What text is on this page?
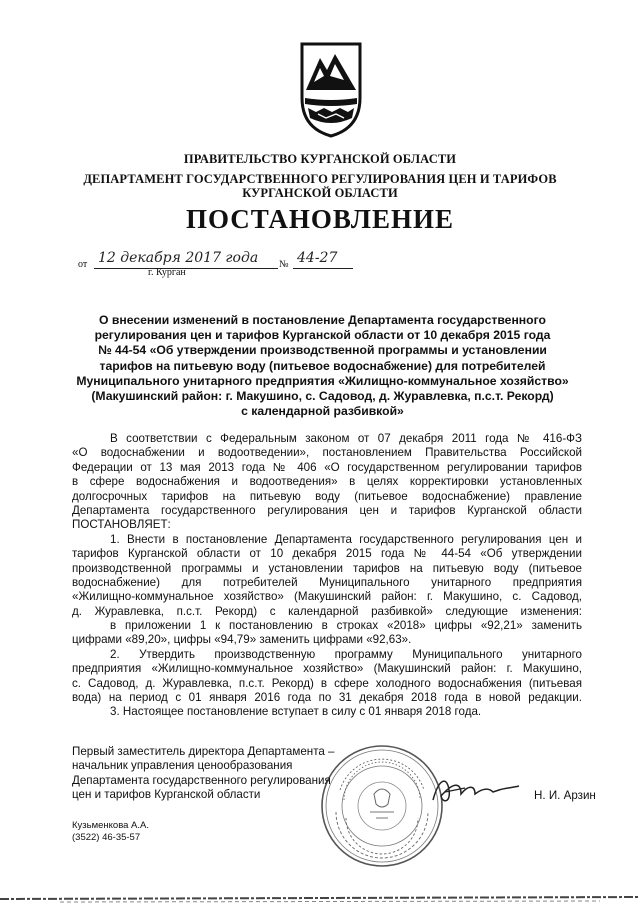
ПРАВИТЕЛЬСТВО КУРГАНСКОЙ ОБЛАСТИ
ДЕПАРТАМЕНТ ГОСУДАРСТВЕННОГО РЕГУЛИРОВАНИЯ ЦЕН И ТАРИФОВ
КУРГАНСКОЙ ОБЛАСТИ
ПОСТАНОВЛЕНИЕ
от 12 декабря 2017 года	№ 44-27
г. Курган
О внесении изменений в постановление Департамента государственного
регулирования цен и тарифов Курганской области от 10 декабря 2015 года
№ 44-54 «Об утверждении производственной программы и установлении
тарифов на питьевую воду (питьевое водоснабжение) для потребителей
Муниципального унитарного предприятия «Жилищно-коммунальное хозяйство»
(Макушинский район: г. Макушино, с. Садовод, д. Журавлевка, п.с.т. Рекорд)
с календарной разбивкой»
В соответствии с Федеральным законом от 07 декабря 2011 года № 416-ФЗ
«О водоснабжении и водоотведении», постановлением Правительства Российской
Федерации от 13 мая 2013 года № 406 «О государственном регулировании тарифов
в сфере водоснабжения и водоотведения» в целях корректировки установленных
долгосрочных тарифов на питьевую воду (питьевое водоснабжение) правление
Департамента государственного регулирования цен и тарифов Курганской области
ПОСТАНОВЛЯЕТ:
1. Внести в постановление Департамента государственного регулирования цен и
тарифов Курганской области от 10 декабря 2015 года № 44-54 «Об утверждении
производственной программы и установлении тарифов на питьевую воду (питьевое
водоснабжение) для потребителей Муниципального унитарного предприятия
«Жилищно-коммунальное хозяйство» (Макушинский район: г. Макушино, с. Садовод,
д. Журавлевка, п.с.т. Рекорд) с календарной разбивкой» следующие изменения:
в приложении 1 к постановлению в строках «2018» цифры «92,21» заменить
цифрами «89,20», цифры «94,79» заменить цифрами «92,63».
2. Утвердить производственную программу Муниципального унитарного
предприятия «Жилищно-коммунальное хозяйство» (Макушинский район: г. Макушино,
с. Садовод, д. Журавлевка, п.с.т. Рекорд) в сфере холодного водоснабжения (питьевая
вода) на период с 01 января 2016 года по 31 декабря 2018 года в новой редакции.
3. Настоящее постановление вступает в силу с 01 января 2018 года.
Первый заместитель директора Департамента –
начальник управления ценообразования
Департамента государственного регулирования
цен и тарифов Курганской области	Н. И. Арзин
Кузьменкова А.А.
(3522) 46-35-57
